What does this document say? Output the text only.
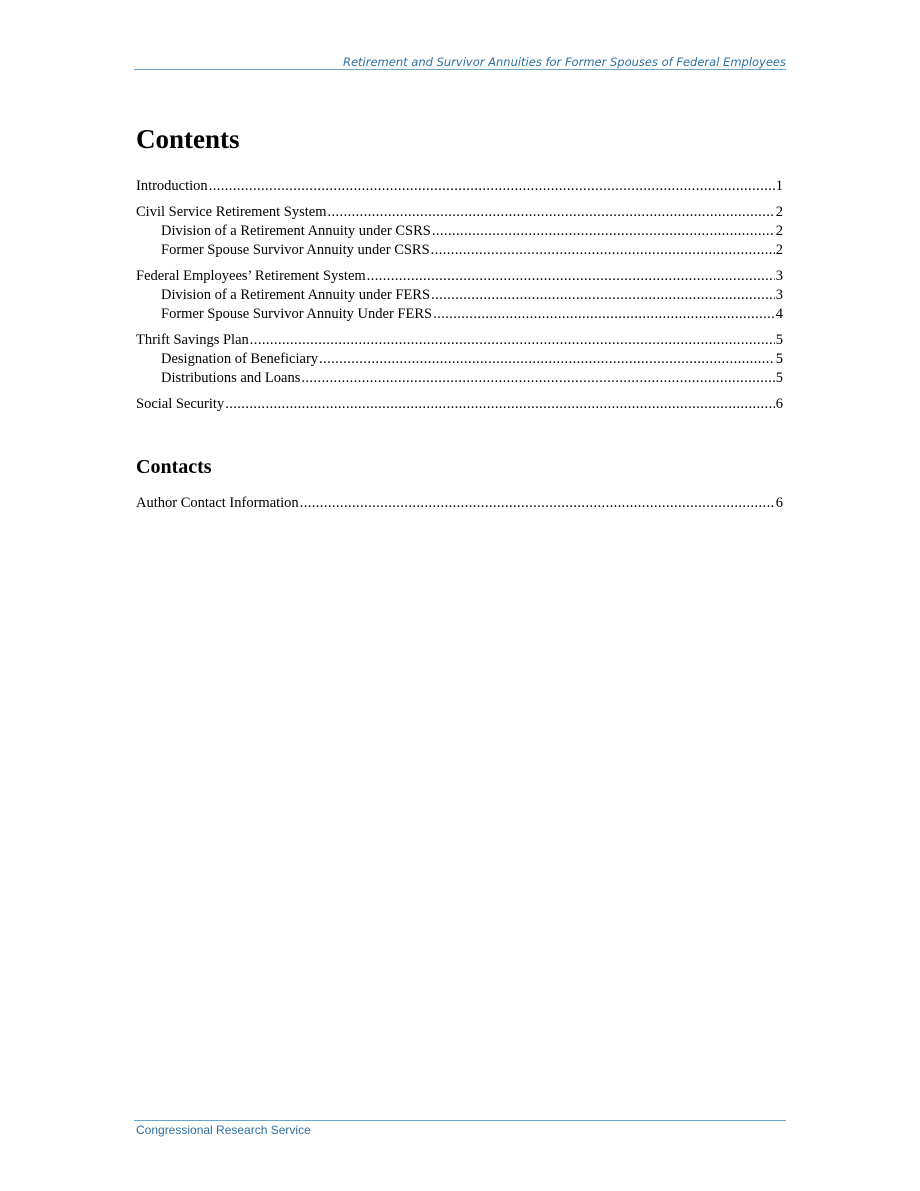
Retirement and Survivor Annuities for Former Spouses of Federal Employees
Contents
Introduction .....	1
Civil Service Retirement System .....	2
Division of a Retirement Annuity under CSRS .....	2
Former Spouse Survivor Annuity under CSRS .....	2
Federal Employees’ Retirement System .....	3
Division of a Retirement Annuity under FERS .....	3
Former Spouse Survivor Annuity Under FERS .....	4
Thrift Savings Plan .....	5
Designation of Beneficiary .....	5
Distributions and Loans .....	5
Social Security .....	6
Contacts
Author Contact Information .....	6
Congressional Research Service
